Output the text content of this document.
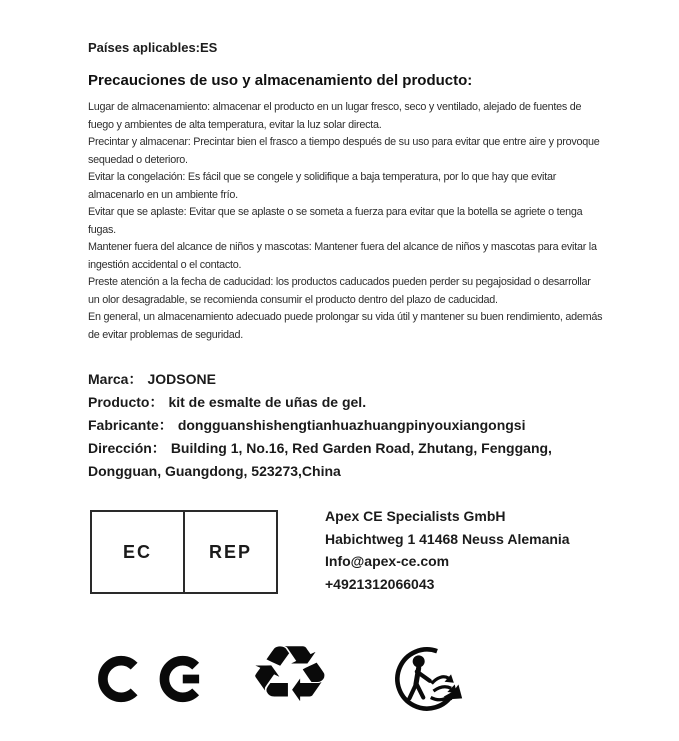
Países aplicables:ES
Precauciones de uso y almacenamiento del producto:

Lugar de almacenamiento: almacenar el producto en un lugar fresco, seco y ventilado, alejado de fuentes de fuego y ambientes de alta temperatura, evitar la luz solar directa.

Precintar y almacenar: Precintar bien el frasco a tiempo después de su uso para evitar que entre aire y provoque sequedad o deterioro.

Evitar la congelación: Es fácil que se congele y solidifique a baja temperatura, por lo que hay que evitar almacenarlo en un ambiente frío.

Evitar que se aplaste: Evitar que se aplaste o se someta a fuerza para evitar que la botella se agriete o tenga fugas.

Mantener fuera del alcance de niños y mascotas: Mantener fuera del alcance de niños y mascotas para evitar la ingestión accidental o el contacto.

Preste atención a la fecha de caducidad: los productos caducados pueden perder su pegajosidad o desarrollar un olor desagradable, se recomienda consumir el producto dentro del plazo de caducidad.

En general, un almacenamiento adecuado puede prolongar su vida útil y mantener su buen rendimiento, además de evitar problemas de seguridad.

Marca： JODSONE

Producto： kit de esmalte de uñas de gel.

Fabricante： dongguanshishengtianhuazhuangpinyouxiangongsi

Dirección： Building 1, No.16, Red Garden Road, Zhutang, Fenggang, Dongguan, Guangdong, 523273,China

EC	REP
Apex CE Specialists GmbH
Habichtweg 1 41468 Neuss Alemania
Info@apex-ce.com
+4921312066043
♻
